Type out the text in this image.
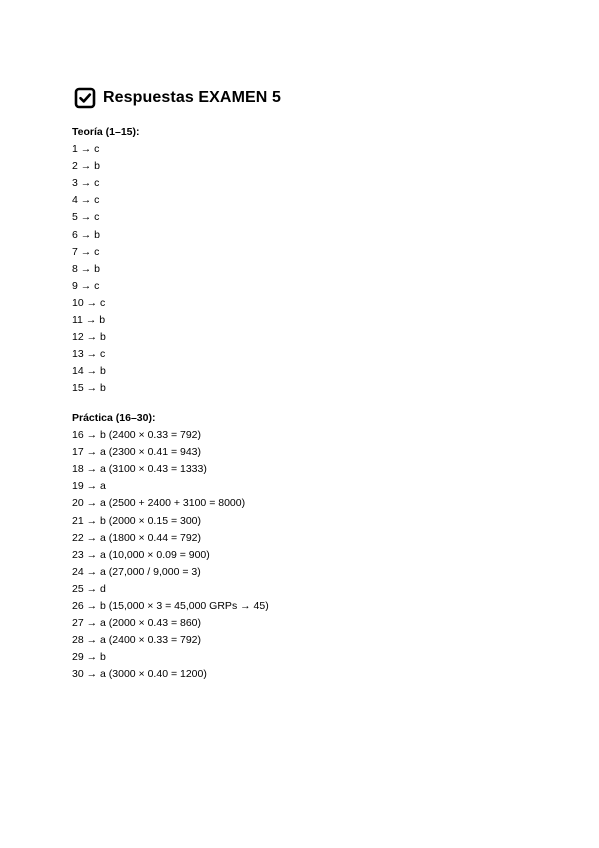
Respuestas EXAMEN 5
Teoría (1–15):
1 → c
2 → b
3 → c
4 → c
5 → c
6 → b
7 → c
8 → b
9 → c
10 → c
11 → b
12 → b
13 → c
14 → b
15 → b
Práctica (16–30):
16 → b (2400 × 0.33 = 792)
17 → a (2300 × 0.41 = 943)
18 → a (3100 × 0.43 = 1333)
19 → a
20 → a (2500 + 2400 + 3100 = 8000)
21 → b (2000 × 0.15 = 300)
22 → a (1800 × 0.44 = 792)
23 → a (10,000 × 0.09 = 900)
24 → a (27,000 / 9,000 = 3)
25 → d
26 → b (15,000 × 3 = 45,000 GRPs → 45)
27 → a (2000 × 0.43 = 860)
28 → a (2400 × 0.33 = 792)
29 → b
30 → a (3000 × 0.40 = 1200)
